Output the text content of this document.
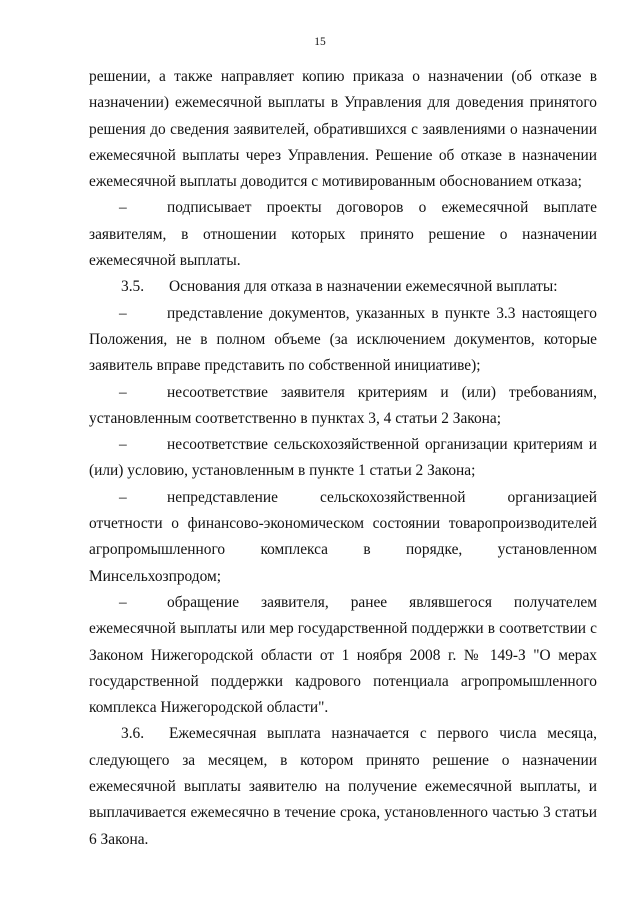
15

решении, а также направляет копию приказа о назначении (об отказе в назначении) ежемесячной выплаты в Управления для доведения принятого решения до сведения заявителей, обратившихся с заявлениями о назначении ежемесячной выплаты через Управления. Решение об отказе в назначении ежемесячной выплаты доводится с мотивированным обоснованием отказа;

–	подписывает проекты договоров о ежемесячной выплате заявителям, в отношении которых принято решение о назначении ежемесячной выплаты.

3.5. Основания для отказа в назначении ежемесячной выплаты:

–	представление документов, указанных в пункте 3.3 настоящего Положения, не в полном объеме (за исключением документов, которые заявитель вправе представить по собственной инициативе);

–	несоответствие заявителя критериям и (или) требованиям, установленным соответственно в пунктах 3, 4 статьи 2 Закона;

–	несоответствие сельскохозяйственной организации критериям и (или) условию, установленным в пункте 1 статьи 2 Закона;

–	непредставление сельскохозяйственной организацией отчетности о финансово-экономическом состоянии товаропроизводителей агропромышленного комплекса в порядке, установленном Минсельхозпродом;

–	обращение заявителя, ранее являвшегося получателем ежемесячной выплаты или мер государственной поддержки в соответствии с Законом Нижегородской области от 1 ноября 2008 г. № 149-З "О мерах государственной поддержки кадрового потенциала агропромышленного комплекса Нижегородской области".

3.6. Ежемесячная выплата назначается с первого числа месяца, следующего за месяцем, в котором принято решение о назначении ежемесячной выплаты заявителю на получение ежемесячной выплаты, и выплачивается ежемесячно в течение срока, установленного частью 3 статьи 6 Закона.
